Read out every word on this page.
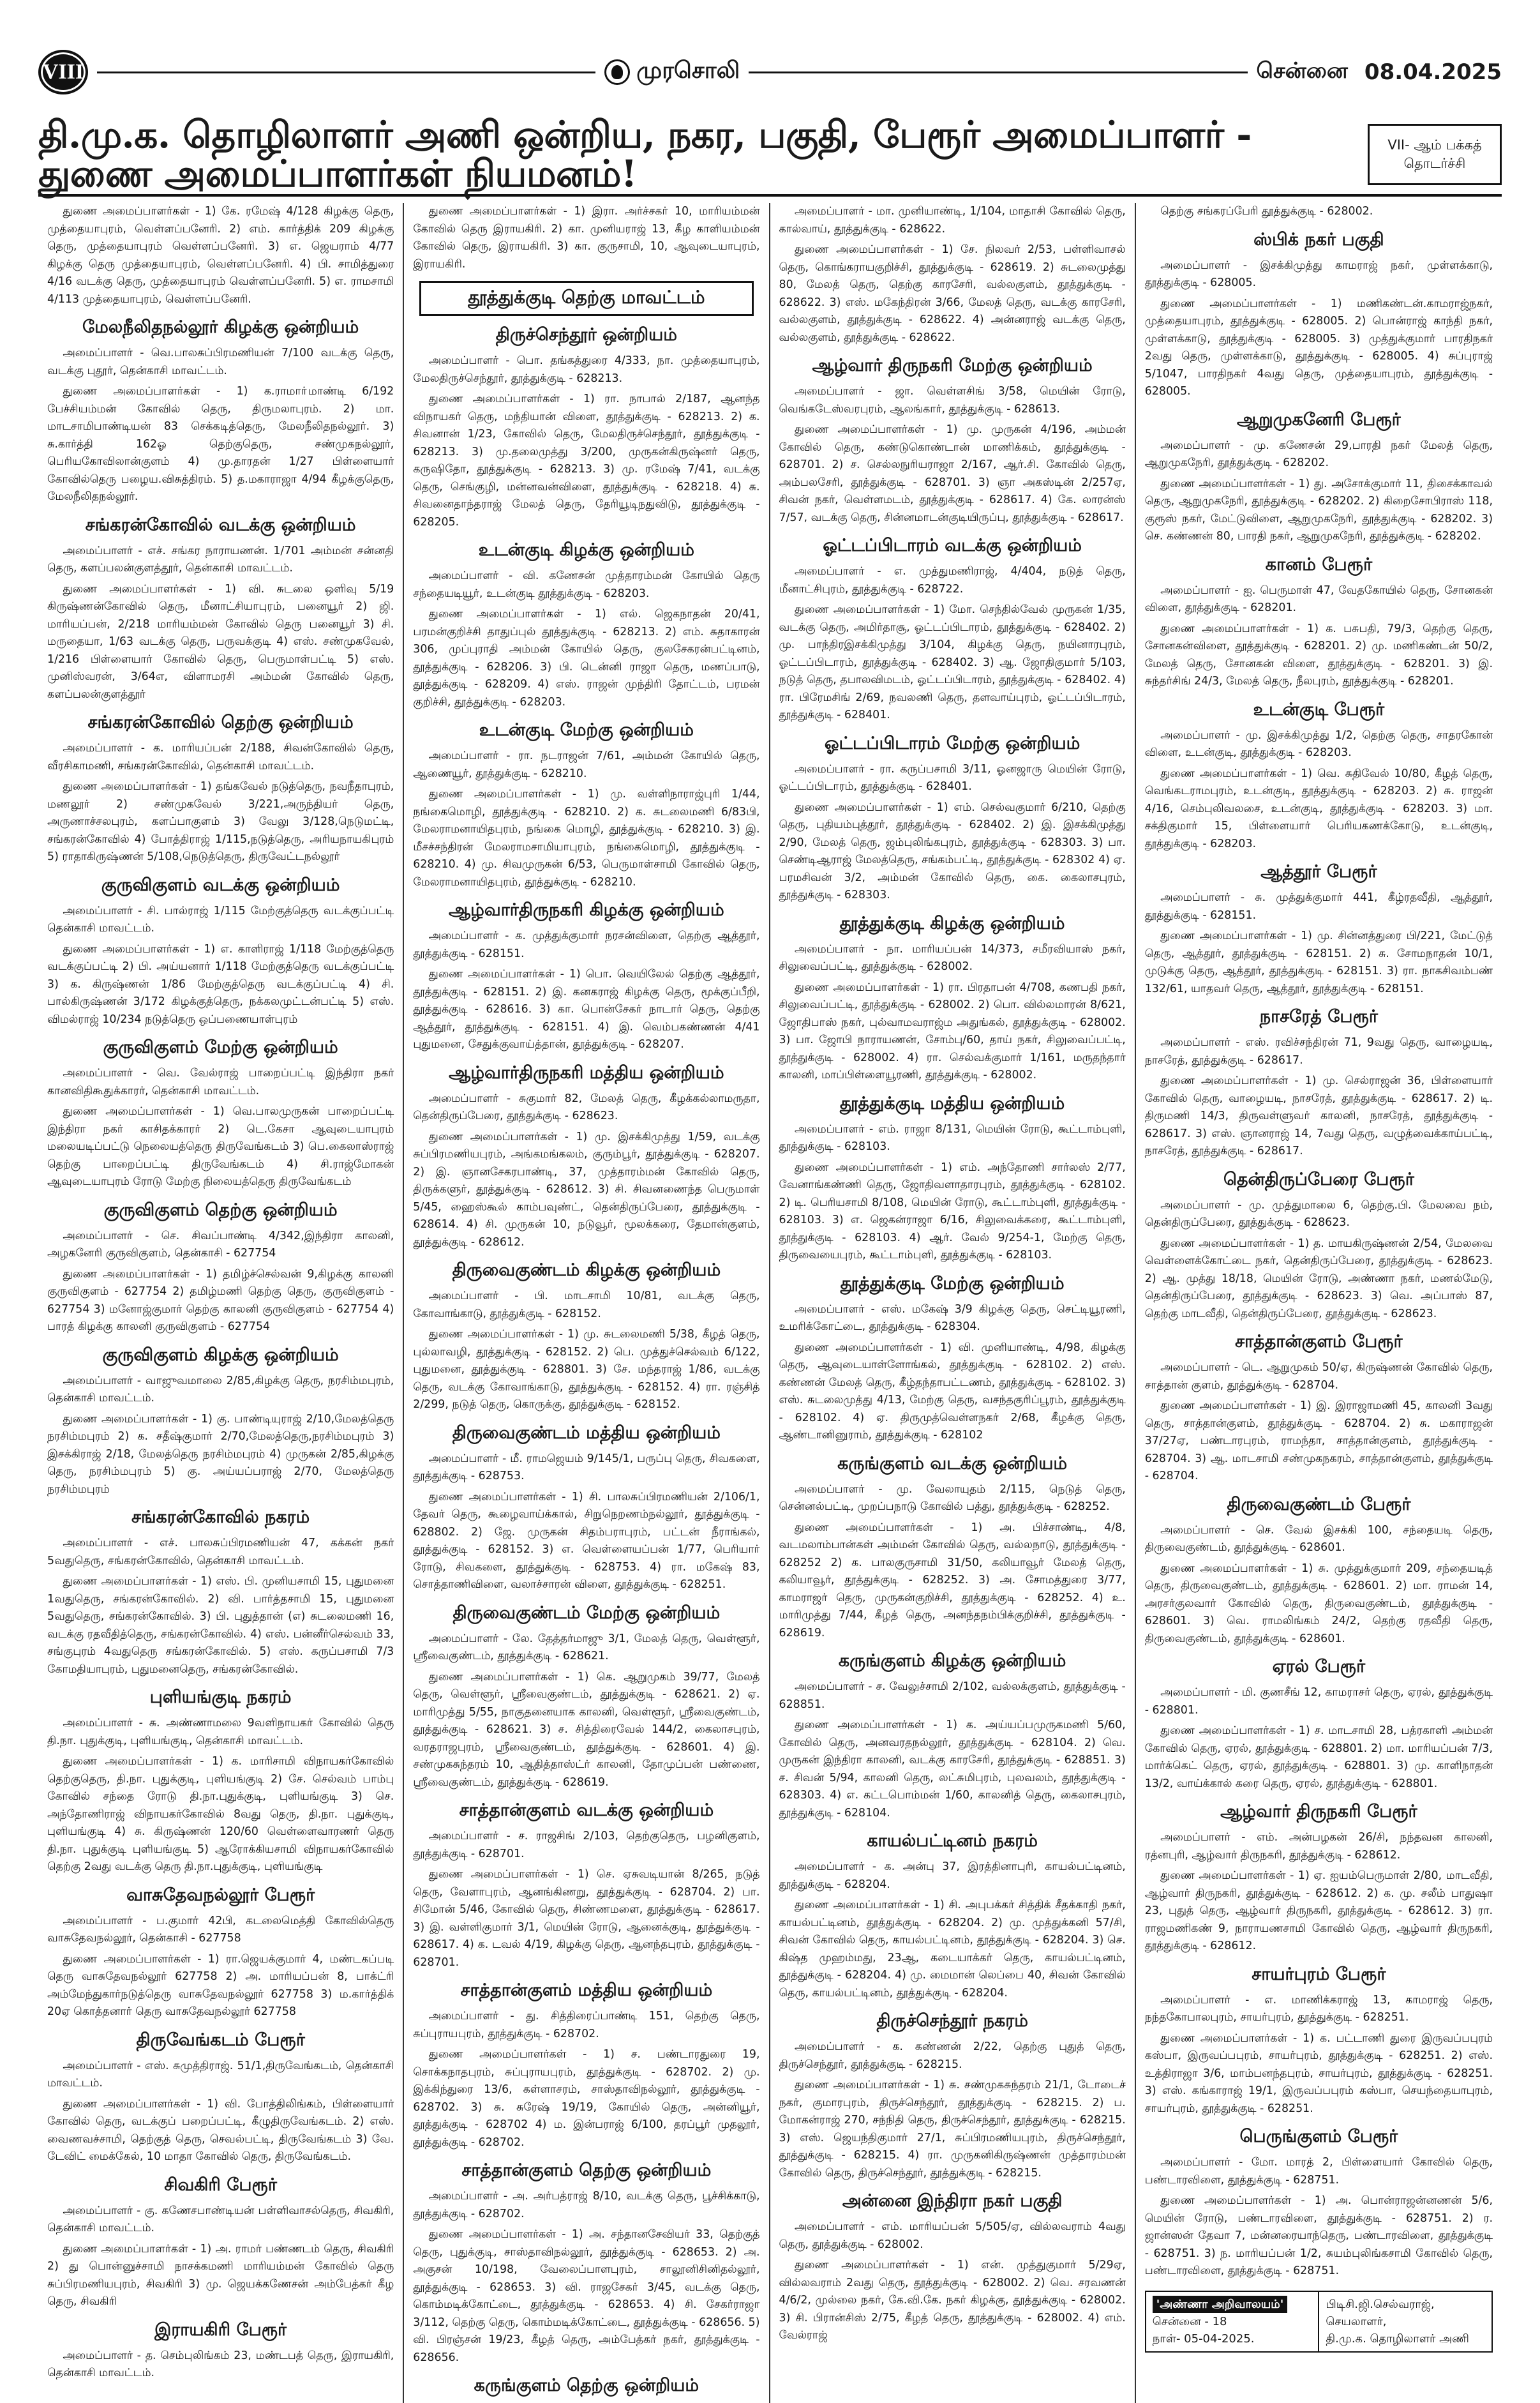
VIII	முரசொலி	சென்னை 08.04.2025
தி.மு.க. தொழிலாளர் அணி ஒன்றிய, நகர, பகுதி, பேரூர் அமைப்பாளர் - துணை அமைப்பாளர்கள் நியமனம்!
VII- ஆம் பக்கத்
தொடர்ச்சி

துணை அமைப்பாளர்கள் - 1) கே. ரமேஷ் 4/128 கிழக்கு தெரு, முத்தையாபுரம், வெள்ளப்பனேரி. 2) எம். கார்த்திக் 209 கிழக்கு தெரு, முத்தையாபுரம் வெள்ளப்பனேரி. 3) எ. ஜெயராம் 4/77 கிழக்கு தெரு முத்தையாபுரம், வெள்ளப்பனேரி. 4) பி. சாமித்துரை 4/16 வடக்கு தெரு, முத்தையாபுரம் வெள்ளப்பனேரி. 5) எ. ராமசாமி 4/113 முத்தையாபுரம், வெள்ளப்பனேரி.

மேலநீலிதநல்லூர் கிழக்கு ஒன்றியம்

அமைப்பாளர் - வெ.பாலசுப்பிரமணியன் 7/100 வடக்கு தெரு, வடக்கு புதூர், தென்காசி மாவட்டம்.

துணை அமைப்பாளர்கள் - 1) க.ராமாா்மாண்டி 6/192 பேச்சியம்மன் கோவில் தெரு, திருமலாபுரம். 2) மா. மாடசாமிபாண்டியன் 83 செக்கடித்தெரு, மேலநீலிதநல்லூர். 3) சு.கார்த்தி 162ஓ தெற்குதெரு, சண்முகநல்லூர், பெரியகோவிலான்குளம் 4) மு.தாரதன் 1/27 பிள்ளையார் கோவில்தெரு பழைய.விசுத்திரம். 5) த.மகாராஜா 4/94 கீழக்குதெரு, மேலநீலிதநல்லூர்.

சங்கரன்கோவில் வடக்கு ஒன்றியம்

அமைப்பாளர் - எச். சங்கர நாராயணன். 1/701 அம்மன் சன்னதி தெரு, களப்பலன்குளத்தூர், தென்காசி மாவட்டம்.

துணை அமைப்பாளர்கள் - 1) வி. சுடலை ஒளிவு 5/19 கிருஷ்ணன்கோவில் தெரு, மீனாட்சியாபுரம், பனையூர் 2) ஜி. மாரியப்பன், 2/218 மாரியம்மன் கோவில் தெரு பனையூர் 3) சி. மருதையா, 1/63 வடக்கு தெரு, பருவக்குடி 4) எஸ். சண்முகவேல், 1/216 பிள்ளையார் கோவில் தெரு, பெருமாள்பட்டி 5) எஸ். முனிஸ்வரன், 3/64எ, விளாமரசி அம்மன் கோவில் தெரு, களப்பலன்குளத்தூர்

சங்கரன்கோவில் தெற்கு ஒன்றியம்

அமைப்பாளர் - க. மாரியப்பன் 2/188, சிவன்கோவில் தெரு, வீரசிகாமணி, சங்கரன்கோவில், தென்காசி மாவட்டம்.

துணை அமைப்பாளர்கள் - 1) தங்கவேல் நடுத்தெரு, நவநீதாபுரம், மணலூர் 2) சண்முகவேல் 3/221,அருந்தியர் தெரு, அருணாச்சலபுரம், களப்பாகுளம் 3) வேலு 3/128,நெடுமட்டி, சங்கரன்கோவில் 4) போத்திராஜ் 1/115,நடுத்தெரு, அரியநாயகிபுரம் 5) ராதாகிருஷ்ணன் 5/108,நெடுத்தெரு, திருவேட்டநல்லூர்

குருவிகுளம் வடக்கு ஒன்றியம்

அமைப்பாளர் - சி. பால்ராஜ் 1/115 மேற்குத்தெரு வடக்குப்பட்டி தென்காசி மாவட்டம்.

துணை அமைப்பாளர்கள் - 1) எ. காளிராஜ் 1/118 மேற்குத்தெரு வடக்குப்பட்டி 2) பி. அய்யனார் 1/118 மேற்குத்தெரு வடக்குப்பட்டி 3) க. கிருஷ்ணன் 1/86 மேற்குத்தெரு வடக்குப்பட்டி 4) சி. பால்கிருஷ்ணன் 3/172 கிழக்குத்தெரு, நக்கலமுட்டன்பட்டி 5) எஸ். விமல்ராஜ் 10/234 நடுத்தெரு ஒப்பணையாள்புரம்

குருவிகுளம் மேற்கு ஒன்றியம்

அமைப்பாளர் - வெ. வேல்ராஜ் பாறைப்பட்டி இந்திரா நகர் கானவிதிகூதுக்காரர், தென்காசி மாவட்டம்.

துணை அமைப்பாளர்கள் - 1) வெ.பாலமுருகன் பாறைப்பட்டி இந்திரா நகர் காசிதக்காரர் 2) டெ.கேசா ஆவுடையாபுரம் மலையடிப்பட்டு நெலையத்தெரு திருவேங்கடம் 3) பெ.கைலாஸ்ராஜ் தெற்கு பாறைப்பட்டி திருவேங்கடம் 4) சி.ராஜ்மோகன் ஆவுடையாபுரம் ரோடு மேற்கு நிலையத்தெரு திருவேங்கடம்

குருவிகுளம் தெற்கு ஒன்றியம்

அமைப்பாளர் - செ. சிவப்பாண்டி 4/342,இந்திரா காலனி, அழகனேரி குருவிகுளம், தென்காசி - 627754

துணை அமைப்பாளர்கள் - 1) தமிழ்ச்செல்வன் 9,கிழக்கு காலனி குருவிகுளம் - 627754 2) தமிழ்மணி தெற்கு தெரு, குருவிகுளம் - 627754 3) மனோஜ்குமார் தெற்கு காலனி குருவிகுளம் - 627754 4) பாரத் கிழக்கு காலனி குருவிகுளம் - 627754

குருவிகுளம் கிழக்கு ஒன்றியம்

அமைப்பாளர் - வாஜுவமாலை 2/85,கிழக்கு தெரு, நரசிம்மபுரம், தென்காசி மாவட்டம்.

துணை அமைப்பாளர்கள் - 1) கு. பாண்டியுராஜ் 2/10,மேலத்தெரு நரசிம்மபுரம் 2) க. சதீஷ்குமார் 2/70,மேலத்தெரு,நரசிம்மபுரம் 3) இசக்கிராஜ் 2/18, மேலத்தெரு நரசிம்மபுரம் 4) முருகன் 2/85,கிழக்கு தெரு, நரசிம்மபுரம் 5) கு. அய்யப்பராஜ் 2/70, மேலத்தெரு நரசிம்மபுரம்

சங்கரன்கோவில் நகரம்

அமைப்பாளர் - எச். பாலசுப்பிரமணியன் 47, கக்கன் நகர் 5வதுதெரு, சங்கரன்கோவில், தென்காசி மாவட்டம்.

துணை அமைப்பாளர்கள் - 1) எஸ். பி. முனியசாமி 15, புதுமனை 1வதுதெரு, சங்கரன்கோவில். 2) வி. பார்த்தசாமி 15, புதுமனை 5வதுதெரு, சங்கரன்கோவில். 3) பி. புதுத்தான் (எ) சுடலைமணி 16, வடக்கு ரதவீதித்தெரு, சங்கரன்கோவில். 4) எஸ். பன்னீர்செல்வம் 33, சங்குபுரம் 4வதுதெரு சங்கரன்கோவில். 5) எஸ். கருப்பசாமி 7/3 கோமதியாபுரம், புதுமனைதெரு, சங்கரன்கோவில்.

புளியங்குடி நகரம்

அமைப்பாளர் - சு. அண்ணாமலை 9வளிநாயகர் கோவில் தெரு தி.நா. புதுக்குடி, புளியங்குடி, தென்காசி மாவட்டம்.

துணை அமைப்பாளர்கள் - 1) க. மாரிசாமி விநாயகர்கோவில் தெற்குதெரு, தி.நா. புதுக்குடி, புளியங்குடி 2) சே. செல்வம் பாம்பு கோவில் சந்தை ரோடு தி.நா.புதுக்குடி, புளியங்குடி 3) செ. அந்தோணிராஜ் விநாயகர்கோவில் 8வது தெரு, தி.நா. புதுக்குடி, புளியங்குடி 4) சு. கிருஷ்ணன் 120/60 வெள்ளைவாரணர் தெரு தி.நா. புதுக்குடி புளியங்குடி 5) ஆரோக்கியசாமி விநாயகர்கோவில் தெற்கு 2வது வடக்கு தெரு தி.நா.புதுக்குடி, புளியங்குடி

வாசுதேவநல்லூர் பேரூர்

அமைப்பாளர் - ப.குமார் 42பி, கடலைமெத்தி கோவில்தெரு வாசுதேவநல்லூர், தென்காசி - 627758

துணை அமைப்பாளர்கள் - 1) ரா.ஜெயக்குமார் 4, மண்டகப்படி தெரு வாசுதேவநல்லூர் 627758 2) அ. மாரியப்பன் 8, பாக்ட்ரி அம்மேந்துகார்நடுத்தெரு வாசுதேவநல்லூர் 627758 3) ம.கார்த்திக் 20ஏ கொத்தனார் தெரு வாசுதேவநல்லூர் 627758

திருவேங்கடம் பேரூர்

அமைப்பாளர் - எஸ். சுமுத்திராஜ். 51/1,திருவேங்கடம், தென்காசி மாவட்டம்.

துணை அமைப்பாளர்கள் - 1) வி. போத்திலிங்கம், பிள்ளையார் கோவில் தெரு, வடக்குப் பறைப்பட்டி, கீழுதிருவேங்கடம். 2) எஸ். வைணவச்சாமி, தெற்குத் தெரு, செவல்பட்டி, திருவேங்கடம் 3) வே. டேவிட் மைக்கேல், 10 மாதா கோவில் தெரு, திருவேங்கடம்.

சிவகிரி பேரூர்

அமைப்பாளர் - கு. கணேசபாண்டியன் பள்ளிவாசல்தெரு, சிவகிரி, தென்காசி மாவட்டம்.

துணை அமைப்பாளர்கள் - 1) அ. ராமர் பண்ணடம் தெரு, சிவகிரி 2) து பொன்னுச்சாமி நாசக்கமணி மாரியம்மன் கோவில் தெரு சுப்பிரமணியபுரம், சிவகிரி 3) மு. ஜெயக்கணேசன் அம்பேத்கர் கீழ தெரு, சிவகிரி

இராயகிரி பேரூர்

அமைப்பாளர் - த. செம்புலிங்கம் 23, மண்டபத் தெரு, இராயகிரி, தென்காசி மாவட்டம்.

துணை அமைப்பாளர்கள் - 1) இரா. அர்ச்சகர் 10, மாரியம்மன் கோவில் தெரு இராயகிரி. 2) கா. முனியராஜ் 13, கீழ காளியம்மன் கோவில் தெரு, இராயகிரி. 3) கா. குருசாமி, 10, ஆவுடையாபுரம், இராயகிரி.

தூத்துக்குடி தெற்கு மாவட்டம்
திருச்செந்தூர் ஒன்றியம்

அமைப்பாளர் - பொ. தங்கத்துரை 4/333, நா. முத்தையாபுரம், மேலதிருச்செந்தூர், தூத்துக்குடி - 628213.

துணை அமைப்பாளர்கள் - 1) ரா. நாபால் 2/187, ஆனந்த விநாயகர் தெரு, மந்தியான் விளை, தூத்துக்குடி - 628213. 2) க. சிவனான் 1/23, கோவில் தெரு, மேலதிருச்செந்தூர், தூத்துக்குடி - 628213. 3) மு.தலைமுத்து 3/200, முருகன்கிருஷ்னர் தெரு, கருஷிதோ, தூத்துக்குடி - 628213. 3) மு. ரமேஷ் 7/41, வடக்கு தெரு, செங்குழி, மன்னவன்விளை, தூத்துக்குடி - 628218. 4) சு. சிவனைதாந்தராஜ் மேலத் தெரு, தேரியூடிநதுவிடு, தூத்துக்குடி - 628205.

உடன்குடி கிழக்கு ஒன்றியம்

அமைப்பாளர் - வி. கணேசன் முத்தாரம்மன் கோயில் தெரு சந்தையடியூர், உடன்குடி தூத்துக்குடி - 628203.

துணை அமைப்பாளர்கள் - 1) எல். ஜெகநாதன் 20/41, பரமன்குறிச்சி தாதுப்புல் தூத்துக்குடி - 628213. 2) எம். சுதாகாரன் 306, முப்புராதி அம்மன் கோயில் தெரு, குலசேகரன்பட்டினம், தூத்துக்குடி - 628206. 3) பி. டென்னி ராஜா தெரு, மணப்பாடு, தூத்துக்குடி - 628209. 4) எஸ். ராஜன் முந்திரி தோட்டம், பரமன் குறிச்சி, தூத்துக்குடி - 628203.

உடன்குடி மேற்கு ஒன்றியம்

அமைப்பாளர் - ரா. நடராஜன் 7/61, அம்மன் கோயில் தெரு, ஆணையூர், தூத்துக்குடி - 628210.

துணை அமைப்பாளர்கள் - 1) மு. வள்ளிநாராஜ்புரி 1/44, நங்கைமொழி, தூத்துக்குடி - 628210. 2) க. சுடலைமணி 6/83பி, மேலராமனாயிதபுரம், நங்கை மொழி, தூத்துக்குடி - 628210. 3) இ. மீசச்சந்திரன் மேலராமசாமியாபுரம், நங்கைமொழி, தூத்துக்குடி - 628210. 4) மு. சிவமுருகன் 6/53, பெருமாள்சாமி கோவில் தெரு, மேலராமனாயிதபுரம், தூத்துக்குடி - 628210.

ஆழ்வார்திருநகரி கிழக்கு ஒன்றியம்

அமைப்பாளர் - க. முத்துக்குமார் நரசன்விளை, தெற்கு ஆத்தூர், தூத்துக்குடி - 628151.

துணை அமைப்பாளர்கள் - 1) பொ. வெயிலேல் தெற்கு ஆத்தூர், தூத்துக்குடி - 628151. 2) இ. கனகராஜ் கிழக்கு தெரு, மூக்குப்பீறி, தூத்துக்குடி - 628616. 3) கா. பொன்சேகர் நாடார் தெரு, தெற்கு ஆத்தூர், தூத்துக்குடி - 628151. 4) இ. வெம்பகண்ணன் 4/41 புதுமனை, சேதுக்குவாய்த்தான், தூத்துக்குடி - 628207.

ஆழ்வார்திருநகரி மத்திய ஒன்றியம்

அமைப்பாளர் - சுகுமார் 82, மேலத் தெரு, கீழக்கல்லாமருதா, தென்திருப்பேரை, தூத்துக்குடி - 628623.

துணை அமைப்பாளர்கள் - 1) மு. இசக்கிமுத்து 1/59, வடக்கு சுப்பிரமணியபுரம், அங்கமங்கலம், குரும்பூர், தூத்துக்குடி - 628207. 2) இ. ஞானசேகரபாண்டி, 37, முத்தாரம்மன் கோவில் தெரு, திருக்களுர், தூத்துக்குடி - 628612. 3) சி. சிவனணைந்த பெருமாள் 5/45, ஹைஸ்கூல் காம்பவுண்ட், தென்திருப்பேரை, தூத்துக்குடி - 628614. 4) சி. முருகன் 10, நடுவூர், மூலக்கரை, தேமான்குளம், தூத்துக்குடி - 628612.

திருவைகுண்டம் கிழக்கு ஒன்றியம்

அமைப்பாளர் - பி. மாடசாமி 10/81, வடக்கு தெரு, கோவாங்காடு, தூத்துக்குடி - 628152.

துணை அமைப்பாளர்கள் - 1) மு. சுடலைமணி 5/38, கீழத் தெரு, புல்லாவழி, தூத்துக்குடி - 628152. 2) பெ. முத்துச்செல்வம் 6/122, புதுமனை, தூத்துக்குடி - 628801. 3) சே. மந்தராஜ் 1/86, வடக்கு தெரு, வடக்கு கோவாங்காடு, தூத்துக்குடி - 628152. 4) ரா. ரஞ்சித் 2/299, நடுத் தெரு, கொருக்கு, தூத்துக்குடி - 628152.

திருவைகுண்டம் மத்திய ஒன்றியம்

அமைப்பாளர் - மீ. ராமஜெயம் 9/145/1, பருப்பு தெரு, சிவகளை, தூத்துக்குடி - 628753.

துணை அமைப்பாளர்கள் - 1) சி. பாலசுப்பிரமணியன் 2/106/1, தேவர் தெரு, கூழைவாய்க்கால், சிறுநெறணம்நல்லூர், தூத்துக்குடி - 628802. 2) ஜே. முருகன் சிதம்பராபுரம், பட்டன் நீராங்கல், தூத்துக்குடி - 628152. 3) எ. வெள்ளையப்பன் 1/77, பெரியார் ரோடு, சிவகளை, தூத்துக்குடி - 628753. 4) ரா. மகேஷ் 83, சொத்தாணிவிளை, வலாச்சாரன் விளை, தூத்துக்குடி - 628251.

திருவைகுண்டம் மேற்கு ஒன்றியம்

அமைப்பாளர் - லே. தேத்தர்மாஜு 3/1, மேலத் தெரு, வெள்ளூர், ஸ்ரீவைகுண்டம், தூத்துக்குடி - 628621.

துணை அமைப்பாளர்கள் - 1) கெ. ஆறுமுகம் 39/77, மேலத் தெரு, வெள்ளூர், ஸ்ரீவைகுண்டம், தூத்துக்குடி - 628621. 2) ஏ. மாரிமுத்து 5/55, நாகுதனையாக காலனி, வெள்ளூர், ஸ்ரீவைகுண்டம், தூத்துக்குடி - 628621. 3) ச. சித்திரைவேல் 144/2, கைலாசபுரம், வரதராஜபுரம், ஸ்ரீவைகுண்டம், தூத்துக்குடி - 628601. 4) இ. சண்முகசுந்தரம் 10, ஆதித்தாஸ்ட்ர் காலனி, தோமுப்பன் பண்ணை, ஸ்ரீவைகுண்டம், தூத்துக்குடி - 628619.

சாத்தான்குளம் வடக்கு ஒன்றியம்

அமைப்பாளர் - ச. ராஜசிங் 2/103, தெற்குதெரு, பழனிகுளம், தூத்துக்குடி - 628701.

துணை அமைப்பாளர்கள் - 1) செ. ஏசுவடியான் 8/265, நடுத் தெரு, வேளாபுரம், ஆனங்கிணறு, தூத்துக்குடி - 628704. 2) பா. சிமோன் 5/46, கோவில் தெரு, சிண்ணமளை, தூத்துக்குடி - 628617. 3) இ. வள்ளிகுமார் 3/1, மெயின் ரோடு, ஆனைக்குடி, தூத்துக்குடி - 628617. 4) க. டவல் 4/19, கிழக்கு தெரு, ஆனந்தபுரம், தூத்துக்குடி - 628701.

சாத்தான்குளம் மத்திய ஒன்றியம்

அமைப்பாளர் - து. சித்திரைப்பாண்டி 151, தெற்கு தெரு, சுப்புராயபுரம், தூத்துக்குடி - 628702.

துணை அமைப்பாளர்கள் - 1) ச. பண்டாரதுரை 19, சொக்கநாதபுரம், சுப்புராயபுரம், தூத்துக்குடி - 628702. 2) மு. இக்கிந்துரை 13/6, கள்ளாசரம், சாஸ்தாவிநல்லூர், தூத்துக்குடி - 628702. 3) சு. சுரேஷ் 19/19, கோயில் தெரு, அன்னியூர், தூத்துக்குடி - 628702 4) ம. இன்பராஜ் 6/100, தரப்பூர் முதலூர், தூத்துக்குடி - 628702.

சாத்தான்குளம் தெற்கு ஒன்றியம்

அமைப்பாளர் - அ. அர்பத்ராஜ் 8/10, வடக்கு தெரு, பூச்சிக்காடு, தூத்துக்குடி - 628702.

துணை அமைப்பாளர்கள் - 1) அ. சந்தானசேவியர் 33, தெற்குத் தெரு, புதுக்குடி, சாஸ்தாவிநல்லூர், தூத்துக்குடி - 628653. 2) அ. அகுசன் 10/198, வேலைப்பாளபுரம், சாலூனிசினிதல்லூர், தூத்துக்குடி - 628653. 3) வி. ராஜசேகர் 3/45, வடக்கு தெரு, கொம்மடிக்கோட்டை, தூத்துக்குடி - 628653. 4) சி. சேகர்ராஜா 3/112, தெற்கு தெரு, கொம்மடிக்கோட்டை, தூத்துக்குடி - 628656. 5) வி. பிரஞ்சன் 19/23, கீழத் தெரு, அம்பேத்கர் நகர், தூத்துக்குடி - 628656.

கருங்குளம் தெற்கு ஒன்றியம்

அமைப்பாளர் - மா. முனியாண்டி, 1/104, மாதாசி கோவில் தெரு, கால்வாய், தூத்துக்குடி - 628622.

துணை அமைப்பாளர்கள் - 1) சே. நிலவர் 2/53, பள்ளிவாசல் தெரு, கொங்கராயகுறிச்சி, தூத்துக்குடி - 628619. 2) சுடலைமுத்து 80, மேலத் தெரு, தெற்கு காரசேரி, வல்லகுளம், தூத்துக்குடி - 628622. 3) எஸ். மகேந்திரன் 3/66, மேலத் தெரு, வடக்கு காரசேரி, வல்லகுளம், தூத்துக்குடி - 628622. 4) அன்னராஜ் வடக்கு தெரு, வல்லகுளம், தூத்துக்குடி - 628622.

ஆழ்வார் திருநகரி மேற்கு ஒன்றியம்

அமைப்பாளர் - ஜா. வெள்ளசிங் 3/58, மெயின் ரோடு, வெங்கடேஸ்வரபுரம், ஆலங்கார், தூத்துக்குடி - 628613.

துணை அமைப்பாளர்கள் - 1) மு. முருகன் 4/196, அம்மன் கோவில் தெரு, கண்டுகொண்டான் மாணிக்கம், தூத்துக்குடி - 628701. 2) ச. செல்லநுரியராஜா 2/167, ஆர்.சி. கோவில் தெரு, அம்பலசேரி, தூத்துக்குடி - 628701. 3) ஞா அகஸ்டின் 2/257ஏ, சிவன் நகர், வெள்ளமடம், தூத்துக்குடி - 628617. 4) கே. லாரன்ஸ் 7/57, வடக்கு தெரு, சின்னமாடன்குடியிருப்பு, தூத்துக்குடி - 628617.

ஓட்டப்பிடாரம் வடக்கு ஒன்றியம்

அமைப்பாளர் - எ. முத்துமணிராஜ், 4/404, நடுத் தெரு, மீனாட்சிபுரம், தூத்துக்குடி - 628722.

துணை அமைப்பாளர்கள் - 1) மோ. செந்தில்வேல் முருகன் 1/35, வடக்கு தெரு, அமிர்தாசூ, ஓட்டப்பிடாரம், தூத்துக்குடி - 628402. 2) மு. பாந்திரஇசக்கிமுத்து 3/104, கிழக்கு தெரு, நயினாரபுரம், ஓட்டப்பிடாரம், தூத்துக்குடி - 628402. 3) ஆ. ஜோதிகுமார் 5/103, நடுத் தெரு, தபாலவிமடம், ஓட்டப்பிடாரம், தூத்துக்குடி - 628402. 4) ரா. பிரேமசிங் 2/69, நவலணி தெரு, தளவாய்புரம், ஓட்டப்பிடாரம், தூத்துக்குடி - 628401.

ஓட்டப்பிடாரம் மேற்கு ஒன்றியம்

அமைப்பாளர் - ரா. கருப்பசாமி 3/11, ஓனஜாரு மெயின் ரோடு, ஓட்டப்பிடாரம், தூத்துக்குடி - 628401.

துணை அமைப்பாளர்கள் - 1) எம். செல்வகுமார் 6/210, தெற்கு தெரு, புதியம்புத்தூர், தூத்துக்குடி - 628402. 2) இ. இசக்கிமுத்து 2/90, மேலத் தெரு, ஜம்புலிங்கபுரம், தூத்துக்குடி - 628303. 3) பா. செண்டிஆராஜ் மேலத்தெரு, சங்கம்பட்டி, தூத்துக்குடி - 628302 4) ஏ. பரமசிவன் 3/2, அம்மன் கோவில் தெரு, கை. கைலாசபுரம், தூத்துக்குடி - 628303.

தூத்துக்குடி கிழக்கு ஒன்றியம்

அமைப்பாளர் - நா. மாரியப்பன் 14/373, சமீரவியாஸ் நகர், சிலுவைப்பட்டி, தூத்துக்குடி - 628002.

துணை அமைப்பாளர்கள் - 1) ரா. பிரதாபன் 4/708, கணபதி நகர், சிலுவைப்பட்டி, தூத்துக்குடி - 628002. 2) பொ. வில்லமாரன் 8/621, ஜோதிபாஸ் நகர், புல்வாமவராஜ்ம அதுங்கல், தூத்துக்குடி - 628002. 3) பா. ஜோபி நாராயணன், சோம்பு/60, தாய் நகர், சிலுவைப்பட்டி, தூத்துக்குடி - 628002. 4) ரா. செல்வக்குமார் 1/161, மருதந்தார் காலனி, மாப்பிள்ளையூரணி, தூத்துக்குடி - 628002.

தூத்துக்குடி மத்திய ஒன்றியம்

அமைப்பாளர் - எம். ராஜா 8/131, மெயின் ரோடு, கூட்டாம்புளி, தூத்துக்குடி - 628103.

துணை அமைப்பாளர்கள் - 1) எம். அந்தோணி சார்லஸ் 2/77, வேனாங்கண்ணி தெரு, ஜோதிவளாதாரபுரம், தூத்துக்குடி - 628102. 2) டி. பெரியசாமி 8/108, மெயின் ரோடு, கூட்டாம்புளி, தூத்துக்குடி - 628103. 3) எ. ஜெகன்ராஜா 6/16, சிலுவைக்கரை, கூட்டாம்புளி, தூத்துக்குடி - 628103. 4) ஆர். வேல் 9/254-1, மேற்கு தெரு, திருவையைபுரம், கூட்டாம்புளி, தூத்துக்குடி - 628103.

தூத்துக்குடி மேற்கு ஒன்றியம்

அமைப்பாளர் - எஸ். மகேஷ் 3/9 கிழக்கு தெரு, செட்டியூரணி, உமரிக்கோட்டை, தூத்துக்குடி - 628304.

துணை அமைப்பாளர்கள் - 1) வி. முனியாண்டி, 4/98, கிழக்கு தெரு, ஆவுடையாள்ளோங்கல், தூத்துக்குடி - 628102. 2) எஸ். கண்ணன் மேலத் தெரு, கீழ்தந்தாபட்டணம், தூத்துக்குடி - 628102. 3) எஸ். சுடலைமுத்து 4/13, மேற்கு தெரு, வசந்தகுரிப்பூரம், தூத்துக்குடி - 628102. 4) ஏ. திருமுத்வெள்ளநகர் 2/68, கீழக்கு தெரு, ஆண்டானினுராம், தூத்துக்குடி - 628102

கருங்குளம் வடக்கு ஒன்றியம்

அமைப்பாளர் - மு. வேலாயுதம் 2/115, நெடுத் தெரு, சென்னல்பட்டி, முறப்பநாடு கோவில் பத்து, தூத்துக்குடி - 628252.

துணை அமைப்பாளர்கள் - 1) அ. பிச்சாண்டி, 4/8, வடமலாம்பான்கள் அம்மன் கோவில் தெரு, வல்லநாடு, தூத்துக்குடி - 628252 2) க. பாலகுருசாமி 31/50, கலியாவூர் மேலத் தெரு, கலியாவூர், தூத்துக்குடி - 628252. 3) அ. சோமத்துரை 3/77, காமராஜர் தெரு, முருகன்குறிச்சி, தூத்துக்குடி - 628252. 4) உ. மாரிமுத்து 7/44, கீழத் தெரு, அனந்தநம்பிக்குறிச்சி, தூத்துக்குடி - 628619.

கருங்குளம் கிழக்கு ஒன்றியம்

அமைப்பாளர் - ச. வேலுச்சாமி 2/102, வல்லக்குளம், தூத்துக்குடி - 628851.

துணை அமைப்பாளர்கள் - 1) க. அய்யப்பமுருகமணி 5/60, கோவில் தெரு, அனவரதநல்லூர், தூத்துக்குடி - 628104. 2) வெ. முருகன் இந்திரா காலனி, வடக்கு காரசேரி, தூத்துக்குடி - 628851. 3) ச. சிவன் 5/94, காலனி தெரு, லட்சுமிபுரம், புலவலம், தூத்துக்குடி - 628303. 4) எ. கட்டபொம்மன் 1/60, காலனித் தெரு, கைலாசபுரம், தூத்துக்குடி - 628104.

காயல்பட்டினம் நகரம்

அமைப்பாளர் - க. அன்பு 37, இரத்தினாபுரி, காயல்பட்டினம், தூத்துக்குடி - 628204.

துணை அமைப்பாளர்கள் - 1) சி. அபுபக்கர் சித்திக் சீதக்காதி நகர், காயல்பட்டினம், தூத்துக்குடி - 628204. 2) மு. முத்துக்கனி 57/சி, சிவன் கோவில் தெரு, காயல்பட்டினம், தூத்துக்குடி - 628204. 3) செ. கிஷ்த முஹம்மது, 23ஆ, கடையாக்கர் தெரு, காயல்பட்டினம், தூத்துக்குடி - 628204. 4) மு. மைமான் லெப்பை 40, சிவன் கோவில் தெரு, காயல்பட்டினம், தூத்துக்குடி - 628204.

திருச்செந்தூர் நகரம்

அமைப்பாளர் - க. கண்ணன் 2/22, தெற்கு புதுத் தெரு, திருச்செந்தூர், தூத்துக்குடி - 628215.

துணை அமைப்பாளர்கள் - 1) சு. சண்முகசுந்தரம் 21/1, டோடைச் நகர், குமாரபுரம், திருச்செந்தூர், தூத்துக்குடி - 628215. 2) ப. மோகன்ராஜ் 270, சந்நிதி தெரு, திருச்செந்தூர், தூத்துக்குடி - 628215. 3) எஸ். ஜெயந்திகுமார் 27/1, சுப்பிரமணியபுரம், திருச்செந்தூர், தூத்துக்குடி - 628215. 4) ரா. முருகனிகிருஷ்ணன் முத்தாரம்மன் கோவில் தெரு, திருச்செந்தூர், தூத்துக்குடி - 628215.

அன்னை இந்திரா நகர் பகுதி

அமைப்பாளர் - எம். மாரியப்பன் 5/505/ஏ, வில்லவராம் 4வது தெரு, தூத்துக்குடி - 628002.

துணை அமைப்பாளர்கள் - 1) என். முத்துகுமார் 5/29ஏ, வில்லவராம் 2வது தெரு, தூத்துக்குடி - 628002. 2) வெ. சரவணன் 4/6/2, முல்லை நகர், கே.வி.கே. நகர் கிழக்கு, தூத்துக்குடி - 628002. 3) சி. பிரான்சிஸ் 2/75, கீழத் தெரு, தூத்துக்குடி - 628002. 4) எம். வேல்ராஜ்

தெற்கு சங்கரப்பேரி தூத்துக்குடி - 628002.

ஸ்பிக் நகர் பகுதி

அமைப்பாளர் - இசக்கிமுத்து காமராஜ் நகர், முள்ளக்காடு, தூத்துக்குடி - 628005.

துணை அமைப்பாளர்கள் - 1) மணிகண்டன்.காமராஜ்நகர், முத்தையாபுரம், தூத்துக்குடி - 628005. 2) பொன்ராஜ் காந்தி நகர், முள்ளக்காடு, தூத்துக்குடி - 628005. 3) முத்துக்குமார் பாரதிநகர் 2வது தெரு, முள்ளக்காடு, தூத்துக்குடி - 628005. 4) சுப்புராஜ் 5/1047, பாரதிநகர் 4வது தெரு, முத்தையாபுரம், தூத்துக்குடி - 628005.

ஆறுமுகனேரி பேரூர்

அமைப்பாளர் - மு. கணேசன் 29,பாரதி நகர் மேலத் தெரு, ஆறுமுகநேரி, தூத்துக்குடி - 628202.

துணை அமைப்பாளர்கள் - 1) து. அசோக்குமார் 11, திசைக்காவல் தெரு, ஆறுமுகநேரி, தூத்துக்குடி - 628202. 2) கிறைசோபிராஸ் 118, குரூஸ் நகர், மேட்டுவிளை, ஆறுமுகநேரி, தூத்துக்குடி - 628202. 3) செ. கண்ணன் 80, பாரதி நகர், ஆறுமுகநேரி, தூத்துக்குடி - 628202.

கானம் பேரூர்

அமைப்பாளர் - ஐ. பெருமாள் 47, வேதகோயில் தெரு, சோனகன் விளை, தூத்துக்குடி - 628201.

துணை அமைப்பாளர்கள் - 1) க. பசுபதி, 79/3, தெற்கு தெரு, சோனகன்விளை, தூத்துக்குடி - 628201. 2) மு. மணிகண்டன் 50/2, மேலத் தெரு, சோனகன் விளை, தூத்துக்குடி - 628201. 3) இ. சுந்தர்சிங் 24/3, மேலத் தெரு, நீலபுரம், தூத்துக்குடி - 628201.

உடன்குடி பேரூர்

அமைப்பாளர் - மு. இசக்கிமுத்து 1/2, தெற்கு தெரு, சாதரகோன் விளை, உடன்குடி, தூத்துக்குடி - 628203.

துணை அமைப்பாளர்கள் - 1) வெ. சுதிவேல் 10/80, கீழத் தெரு, வெங்கடராமபுரம், உடன்குடி, தூத்துக்குடி - 628203. 2) சு. ராஜன் 4/16, செம்புலிவலசை, உடன்குடி, தூத்துக்குடி - 628203. 3) மா. சக்திகுமார் 15, பிள்ளையார் பெரியகணக்கோடு, உடன்குடி, தூத்துக்குடி - 628203.

ஆத்தூர் பேரூர்

அமைப்பாளர் - சு. முத்துக்குமார் 441, கீழ்ரதவீதி, ஆத்தூர், தூத்துக்குடி - 628151.

துணை அமைப்பாளர்கள் - 1) மு. சின்னத்துரை பி/221, மேட்டுத் தெரு, ஆத்தூர், தூத்துக்குடி - 628151. 2) சு. சோமநாதன் 10/1, முடுக்கு தெரு, ஆத்தூர், தூத்துக்குடி - 628151. 3) ரா. நாகசிவம்பண் 132/61, யாதவர் தெரு, ஆத்தூர், தூத்துக்குடி - 628151.

நாசரேத் பேரூர்

அமைப்பாளர் - எஸ். ரவிச்சந்திரன் 71, 9வது தெரு, வாழையடி, நாசரேத், தூத்துக்குடி - 628617.

துணை அமைப்பாளர்கள் - 1) மு. செல்ராஜன் 36, பிள்ளையார் கோவில் தெரு, வாழையடி, நாசரேத், தூத்துக்குடி - 628617. 2) டி. திருமணி 14/3, திருவள்ளுவர் காலனி, நாசரேத், தூத்துக்குடி - 628617. 3) எஸ். ஞானராஜ் 14, 7வது தெரு, வழுத்வைக்காய்பட்டி, நாசரேத், தூத்துக்குடி - 628617.

தென்திருப்பேரை பேரூர்

அமைப்பாளர் - மு. முத்துமாலை 6, தெற்கு.பி. மேலவை நம், தென்திருப்பேரை, தூத்துக்குடி - 628623.

துணை அமைப்பாளர்கள் - 1) த. மாயகிருஷ்ணன் 2/54, மேலவை வெள்ளைக்கோட்டை நகர், தென்திருப்பேரை, தூத்துக்குடி - 628623. 2) ஆ. முத்து 18/18, மெயின் ரோடு, அண்ணா நகர், மணல்மேடு, தென்திருப்பேரை, தூத்துக்குடி - 628623. 3) வெ. அப்பாஸ் 87, தெற்கு மாடவீதி, தென்திருப்பேரை, தூத்துக்குடி - 628623.

சாத்தான்குளம் பேரூர்

அமைப்பாளர் - டெ. ஆறுமுகம் 50/ஏ, கிருஷ்ணன் கோவில் தெரு, சாத்தான் குளம், தூத்துக்குடி - 628704.

துணை அமைப்பாளர்கள் - 1) இ. இராஜாமணி 45, காலனி 3வது தெரு, சாத்தான்குளம், தூத்துக்குடி - 628704. 2) சு. மகாராஜன் 37/27ஏ, பண்டாரபுரம், ராமந்தா, சாத்தான்குளம், தூத்துக்குடி - 628704. 3) ஆ. மாடசாமி சண்முகநகரம், சாத்தான்குளம், தூத்துக்குடி - 628704.

திருவைகுண்டம் பேரூர்

அமைப்பாளர் - செ. வேல் இசக்கி 100, சந்தையடி தெரு, திருவைகுண்டம், தூத்துக்குடி - 628601.

துணை அமைப்பாளர்கள் - 1) சு. முத்துக்குமார் 209, சந்தையடித் தெரு, திருவைகுண்டம், தூத்துக்குடி - 628601. 2) மா. ராமன் 14, அரசர்குலவார் கோவில் தெரு, திருவைகுண்டம், தூத்துக்குடி - 628601. 3) வெ. ராமலிங்கம் 24/2, தெற்கு ரதவீதி தெரு, திருவைகுண்டம், தூத்துக்குடி - 628601.

ஏரல் பேரூர்

அமைப்பாளர் - மி. குணசீங் 12, காமராசர் தெரு, ஏரல், தூத்துக்குடி - 628801.

துணை அமைப்பாளர்கள் - 1) ச. மாடசாமி 28, பத்ரகாளி அம்மன் கோவில் தெரு, ஏரல், தூத்துக்குடி - 628801. 2) மா. மாரியப்பன் 7/3, மார்க்கெட் தெரு, ஏரல், தூத்துக்குடி - 628801. 3) மு. காளிநாதன் 13/2, வாய்க்கால் கரை தெரு, ஏரல், தூத்துக்குடி - 628801.

ஆழ்வார் திருநகரி பேரூர்

அமைப்பாளர் - எம். அன்பழகன் 26/சி, நந்தவன காலனி, ரத்னபுரி, ஆழ்வார் திருநகரி, தூத்துக்குடி - 628612.

துணை அமைப்பாளர்கள் - 1) ஏ. ஐயம்பெருமாள் 2/80, மாடவீதி, ஆழ்வார் திருநகரி, தூத்துக்குடி - 628612. 2) க. மு. சலீம் பாதுஷா 23, புதுத் தெரு, ஆழ்வார் திருநகரி, தூத்துக்குடி - 628612. 3) ரா. ராஜமணிகண் 9, நாராயணசாமி கோவில் தெரு, ஆழ்வார் திருநகரி, தூத்துக்குடி - 628612.

சாயர்புரம் பேரூர்

அமைப்பாளர் - எ. மாணிக்கராஜ் 13, காமராஜ் தெரு, நந்தகோபாலபுரம், சாயர்புரம், தூத்துக்குடி - 628251.

துணை அமைப்பாளர்கள் - 1) க. பட்டாணி துரை இருவப்பபுரம் கஸ்பா, இருவப்பபுரம், சாயர்புரம், தூத்துக்குடி - 628251. 2) எஸ். உத்திராஜா 3/6, மாம்பனந்தபுரம், சாயர்புரம், தூத்துக்குடி - 628251. 3) எஸ். கங்காராஜ் 19/1, இருவப்பபுரம் கஸ்பா, செயந்தையாபுரம், சாயர்புரம், தூத்துக்குடி - 628251.

பெருங்குளம் பேரூர்

அமைப்பாளர் - மோ. மாரத் 2, பிள்ளையார் கோவில் தெரு, பண்டாரவிளை, தூத்துக்குடி - 628751.

துணை அமைப்பாளர்கள் - 1) அ. பொன்ராஜன்னணன் 5/6, மெயின் ரோடு, பண்டாரவிளை, தூத்துக்குடி - 628751. 2) ர. ஜான்ஸன் தேவா 7, மன்னரையாந்தெரு, பண்டாரவிளை, தூத்துக்குடி - 628751. 3) ந. மாரியப்பன் 1/2, சுயம்புலிங்கசாமி கோவில் தெரு, பண்டாரவிளை, தூத்துக்குடி - 628751.

'அண்ணா அறிவாலயம்'
சென்னை - 18
நாள்- 05-04-2025.
பிடிசி.ஜி.செல்வராஜ்,
செயலாளர்,
தி.மு.க. தொழிலாளர் அணி
